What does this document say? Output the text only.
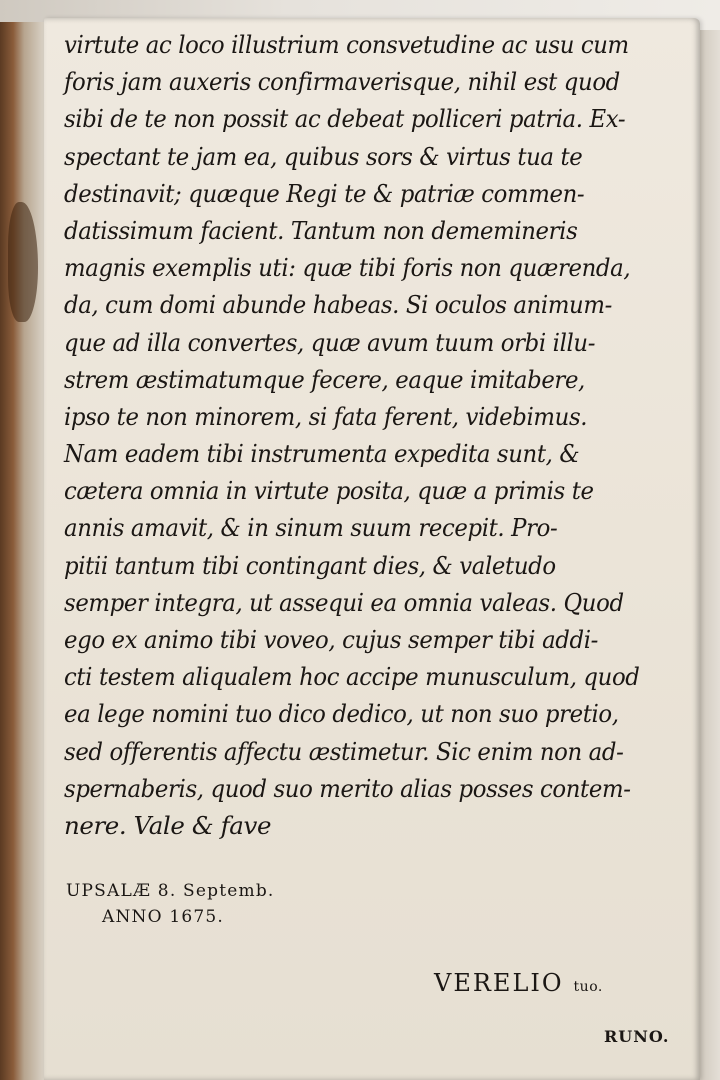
virtute ac loco illustrium consvetudine ac usu cum
foris jam auxeris confirmaverisque, nihil est quod
sibi de te non possit ac debeat polliceri patria. Ex-
spectant te jam ea, quibus sors & virtus tua te
destinavit; quæque Regi te & patriæ commen-
datissimum facient. Tantum non dememineris
magnis exemplis uti: quæ tibi foris non quærenda,
da, cum domi abunde habeas. Si oculos animum-
que ad illa convertes, quæ avum tuum orbi illu-
strem æstimatumque fecere, eaque imitabere,
ipso te non minorem, si fata ferent, videbimus.
Nam eadem tibi instrumenta expedita sunt, &
cætera omnia in virtute posita, quæ a primis te
annis amavit, & in sinum suum recepit. Pro-
pitii tantum tibi contingant dies, & valetudo
semper integra, ut assequi ea omnia valeas. Quod
ego ex animo tibi voveo, cujus semper tibi addi-
cti testem aliqualem hoc accipe munusculum, quod
ea lege nomini tuo dico dedico, ut non suo pretio,
sed offerentis affectu æstimetur. Sic enim non ad-
spernaberis, quod suo merito alias posses contem-
nere. Vale & fave
UPSALÆ 8. Septemb.
ANNO 1675.
VERELIO tuo.
RUNO.
